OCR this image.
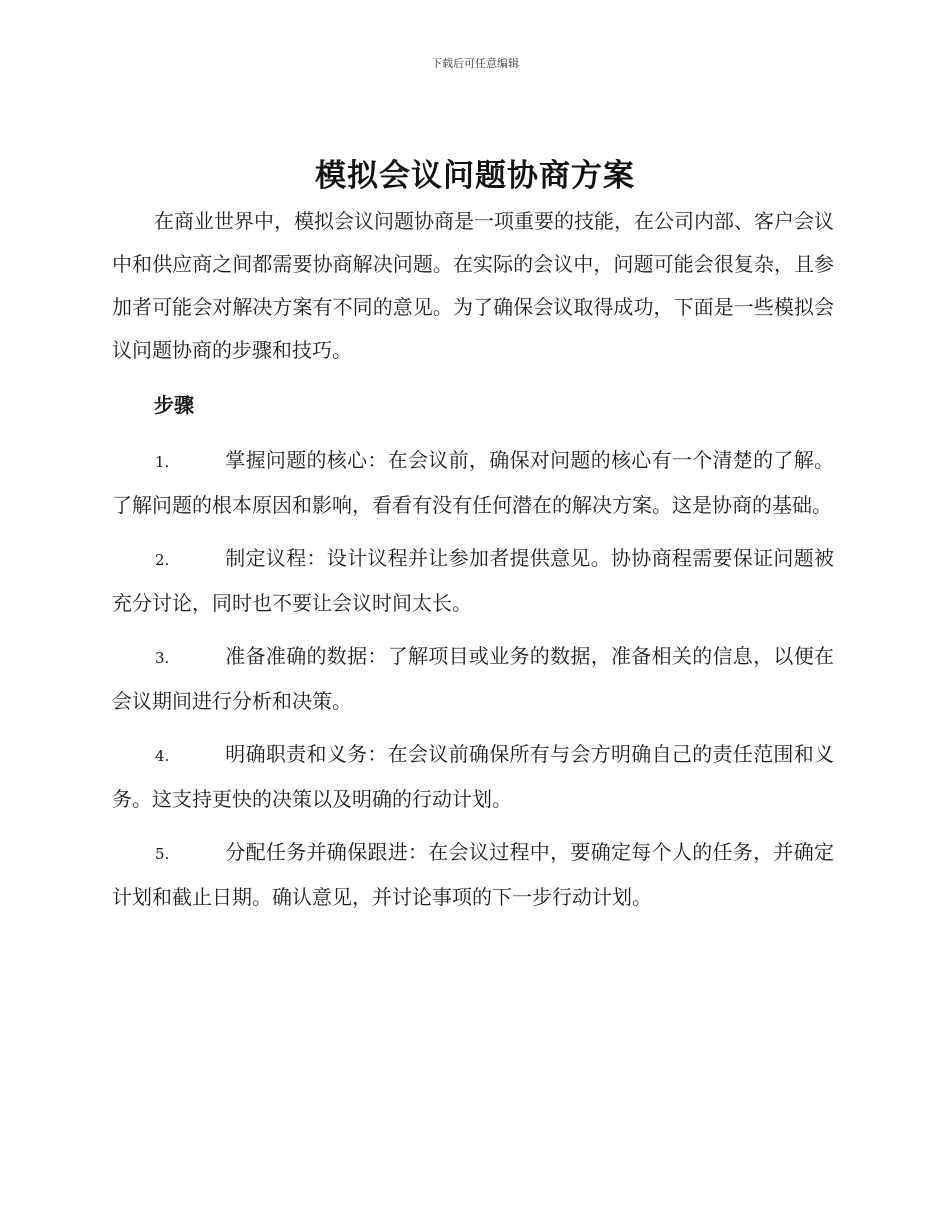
下载后可任意编辑
模拟会议问题协商方案

在商业世界中，模拟会议问题协商是一项重要的技能，在公司内部、客户会议中和供应商之间都需要协商解决问题。在实际的会议中，问题可能会很复杂，且参加者可能会对解决方案有不同的意见。为了确保会议取得成功，下面是一些模拟会议问题协商的步骤和技巧。

步骤

1.	掌握问题的核心：在会议前，确保对问题的核心有一个清楚的了解。了解问题的根本原因和影响，看看有没有任何潜在的解决方案。这是协商的基础。

2.	制定议程：设计议程并让参加者提供意见。协协商程需要保证问题被充分讨论，同时也不要让会议时间太长。

3.	准备准确的数据：了解项目或业务的数据，准备相关的信息，以便在会议期间进行分析和决策。

4.	明确职责和义务：在会议前确保所有与会方明确自己的责任范围和义务。这支持更快的决策以及明确的行动计划。

5.	分配任务并确保跟进：在会议过程中，要确定每个人的任务，并确定计划和截止日期。确认意见，并讨论事项的下一步行动计划。
